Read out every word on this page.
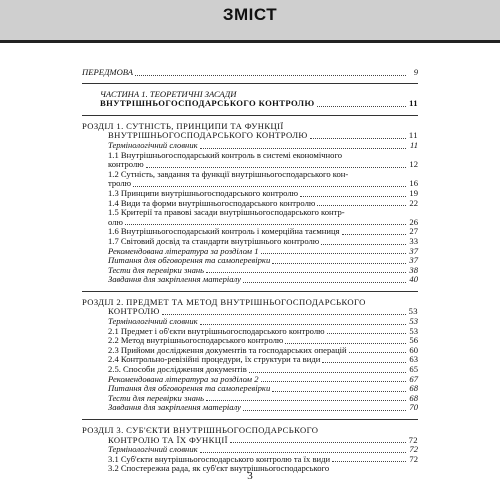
ЗМІСТ
ПЕРЕДМОВА	9
ЧАСТИНА 1. ТЕОРЕТИЧНІ ЗАСАДИ
ВНУТРІШНЬОГОСПОДАРСЬКОГО КОНТРОЛЮ	11
РОЗДІЛ 1. СУТНІСТЬ, ПРИНЦИПИ ТА ФУНКЦІЇ
ВНУТРІШНЬОГОСПОДАРСЬКОГО КОНТРОЛЮ	11
Термінологічний словник	11
1.1 Внутрішньогосподарський контроль в системі економічного
контролю	12
1.2 Сутність, завдання та функції внутрішньогосподарського кон-
тролю	16
1.3 Принципи внутрішньогосподарського контролю	19
1.4 Види та форми внутрішньогосподарського контролю	22
1.5 Критерії та правові засади внутрішньогосподарського контр-
олю	26
1.6 Внутрішньогосподарський контроль і комерційна таємниця	27
1.7 Світовий досвід та стандарти внутрішнього контролю	33
Рекомендована література за розділом 1	37
Питання для обговорення та самоперевірки	37
Тести для перевірки знань	38
Завдання для закріплення матеріалу	40
РОЗДІЛ 2. ПРЕДМЕТ ТА МЕТОД ВНУТРІШНЬОГОСПОДАРСЬКОГО
КОНТРОЛЮ	53
Термінологічний словник	53
2.1 Предмет і об'єкти внутрішньогосподарського контролю	53
2.2 Метод внутрішньогосподарського контролю	56
2.3 Прийоми дослідження документів та господарських операцій	60
2.4 Контрольно-ревізійні процедури, їх структури та види	63
2.5. Способи дослідження документів	65
Рекомендована література за розділом 2	67
Питання для обговорення та самоперевірки	68
Тести для перевірки знань	68
Завдання для закріплення матеріалу	70
РОЗДІЛ 3. СУБ'ЄКТИ ВНУТРІШНЬОГОСПОДАРСЬКОГО
КОНТРОЛЮ ТА ЇХ ФУНКЦІЇ	72
Термінологічний словник	72
3.1 Суб'єкти внутрішньогосподарського контролю та їх види	72
3.2 Спостережна рада, як суб'єкт внутрішньогосподарського
3
